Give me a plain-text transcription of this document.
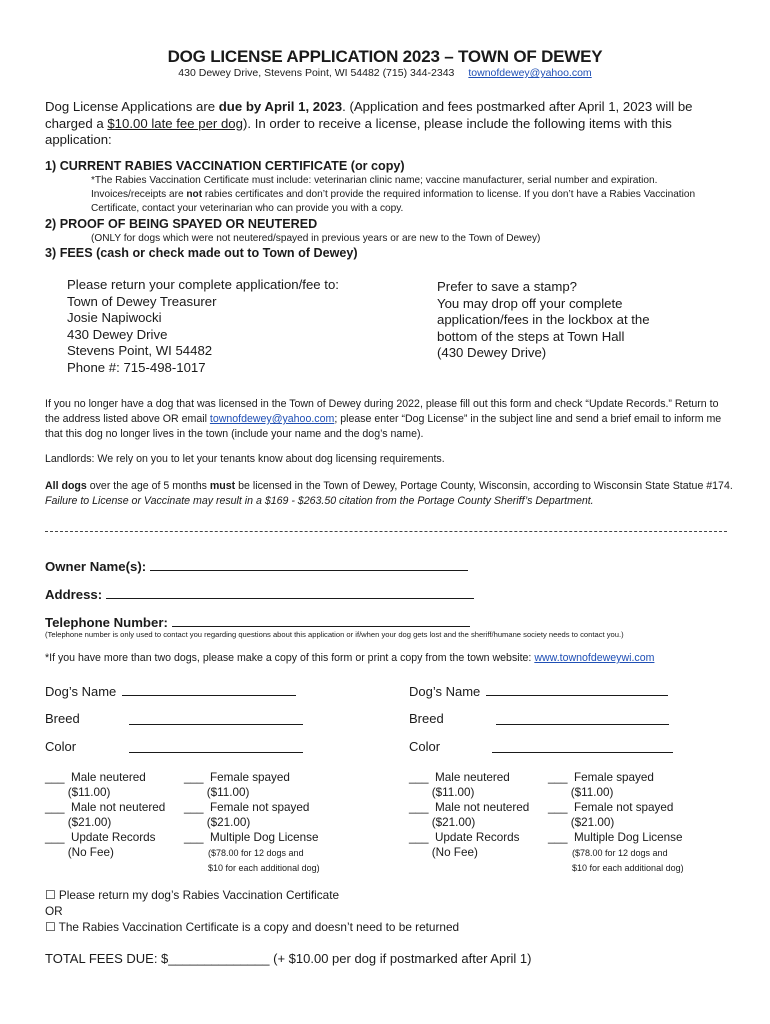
DOG LICENSE APPLICATION 2023 – TOWN OF DEWEY
430 Dewey Drive, Stevens Point, WI 54482 (715) 344-2343 townofdewey@yahoo.com
Dog License Applications are due by April 1, 2023. (Application and fees postmarked after April 1, 2023 will be charged a $10.00 late fee per dog). In order to receive a license, please include the following items with this application:
1) CURRENT RABIES VACCINATION CERTIFICATE (or copy)
*The Rabies Vaccination Certificate must include: veterinarian clinic name; vaccine manufacturer, serial number and expiration. Invoices/receipts are not rabies certificates and don’t provide the required information to license. If you don’t have a Rabies Vaccination Certificate, contact your veterinarian who can provide you with a copy.
2) PROOF OF BEING SPAYED OR NEUTERED
(ONLY for dogs which were not neutered/spayed in previous years or are new to the Town of Dewey)
3) FEES (cash or check made out to Town of Dewey)
Please return your complete application/fee to:
Town of Dewey Treasurer
Josie Napiwocki
430 Dewey Drive
Stevens Point, WI 54482
Phone #: 715-498-1017
Prefer to save a stamp?
You may drop off your complete
application/fees in the lockbox at the
bottom of the steps at Town Hall
(430 Dewey Drive)
If you no longer have a dog that was licensed in the Town of Dewey during 2022, please fill out this form and check “Update Records.” Return to the address listed above OR email townofdewey@yahoo.com; please enter “Dog License” in the subject line and send a brief email to inform me that this dog no longer lives in the town (include your name and the dog’s name).
Landlords: We rely on you to let your tenants know about dog licensing requirements.
All dogs over the age of 5 months must be licensed in the Town of Dewey, Portage County, Wisconsin, according to Wisconsin State Statue #174. Failure to License or Vaccinate may result in a $169 - $263.50 citation from the Portage County Sheriff’s Department.
Owner Name(s):
Address:
Telephone Number:
(Telephone number is only used to contact you regarding questions about this application or if/when your dog gets lost and the sheriff/humane society needs to contact you.)
*If you have more than two dogs, please make a copy of this form or print a copy from the town website: www.townofdeweywi.com
Dog’s Name
Breed
Color
___  Male neutered
($11.00)
___  Male not neutered
($21.00)
___  Update Records
(No Fee)
___  Female spayed
($11.00)
___  Female not spayed
($21.00)
___  Multiple Dog License
($78.00 for 12 dogs and
$10 for each additional dog)
Dog’s Name
Breed
Color
___  Male neutered
($11.00)
___  Male not neutered
($21.00)
___  Update Records
(No Fee)
___  Female spayed
($11.00)
___  Female not spayed
($21.00)
___  Multiple Dog License
($78.00 for 12 dogs and
$10 for each additional dog)
☐ Please return my dog’s Rabies Vaccination Certificate
OR
☐ The Rabies Vaccination Certificate is a copy and doesn’t need to be returned
TOTAL FEES DUE: $______________ (+ $10.00 per dog if postmarked after April 1)
